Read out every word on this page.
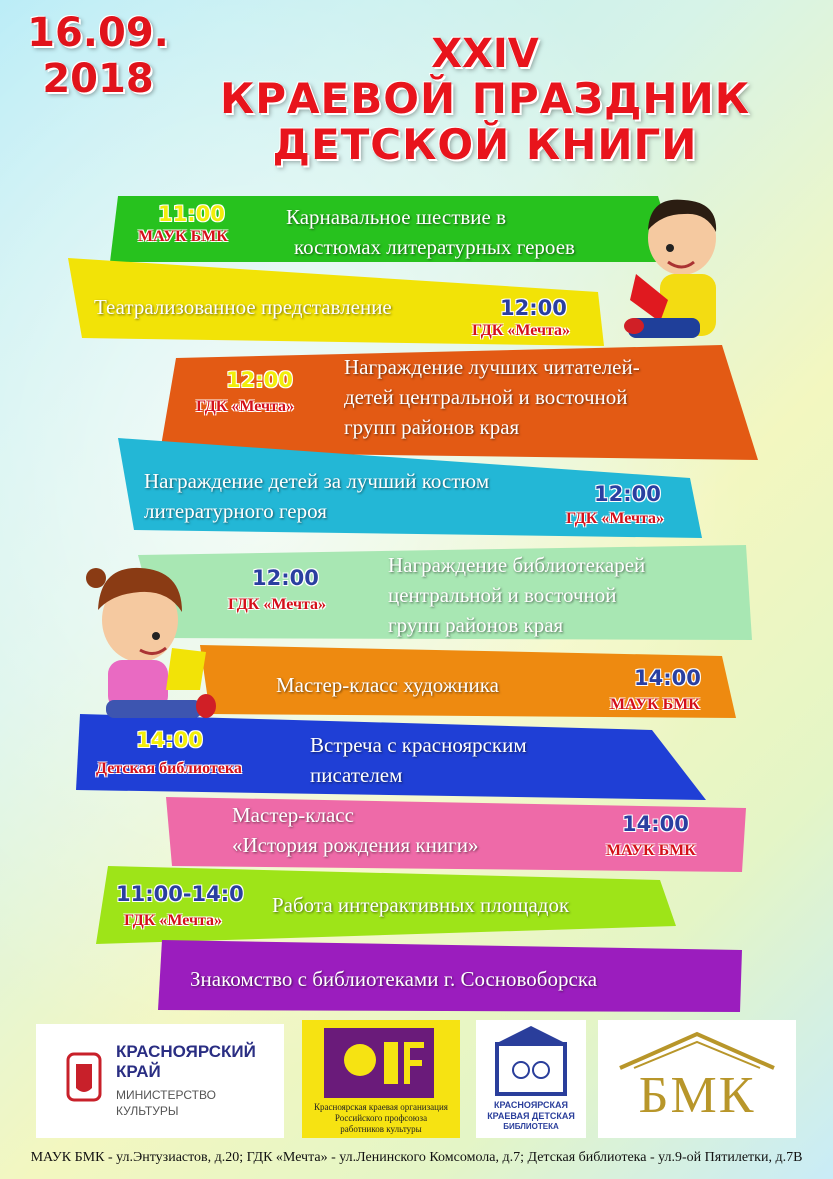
16.09.
2018
XXIV
КРАЕВОЙ ПРАЗДНИК
ДЕТСКОЙ КНИГИ
11:00
МАУК БМК
Карнавальное шествие в
костюмах литературных героев
Театрализованное представление	12:00
ГДК «Мечта»
12:00
ГДК «Мечта»
Награждение лучших читателей-
детей центральной и восточной
групп районов края
Награждение детей за лучший костюм
литературного героя
12:00
ГДК «Мечта»
12:00
ГДК «Мечта»
Награждение библиотекарей
центральной и восточной
групп районов края
Мастер-класс художника	14:00
МАУК БМК
14:00
Детская библиотека
Встреча с красноярским
писателем
Мастер-класс
«История рождения книги»
14:00
МАУК БМК
11:00-14:0
ГДК «Мечта»
Работа интерактивных площадок
Знакомство с библиотеками г. Сосновоборска
КРАСНОЯРСКИЙ
КРАЙ
МИНИСТЕРСТВО
КУЛЬТУРЫ	Красноярская краевая организация
Российского профсоюза
работников культуры
КРАСНОЯРСКАЯ
КРАЕВАЯ ДЕТСКАЯ
БИБЛИОТЕКА
БМК
МАУК БМК - ул.Энтузиастов, д.20; ГДК «Мечта» - ул.Ленинского Комсомола, д.7; Детская библиотека - ул.9-ой Пятилетки, д.7В
